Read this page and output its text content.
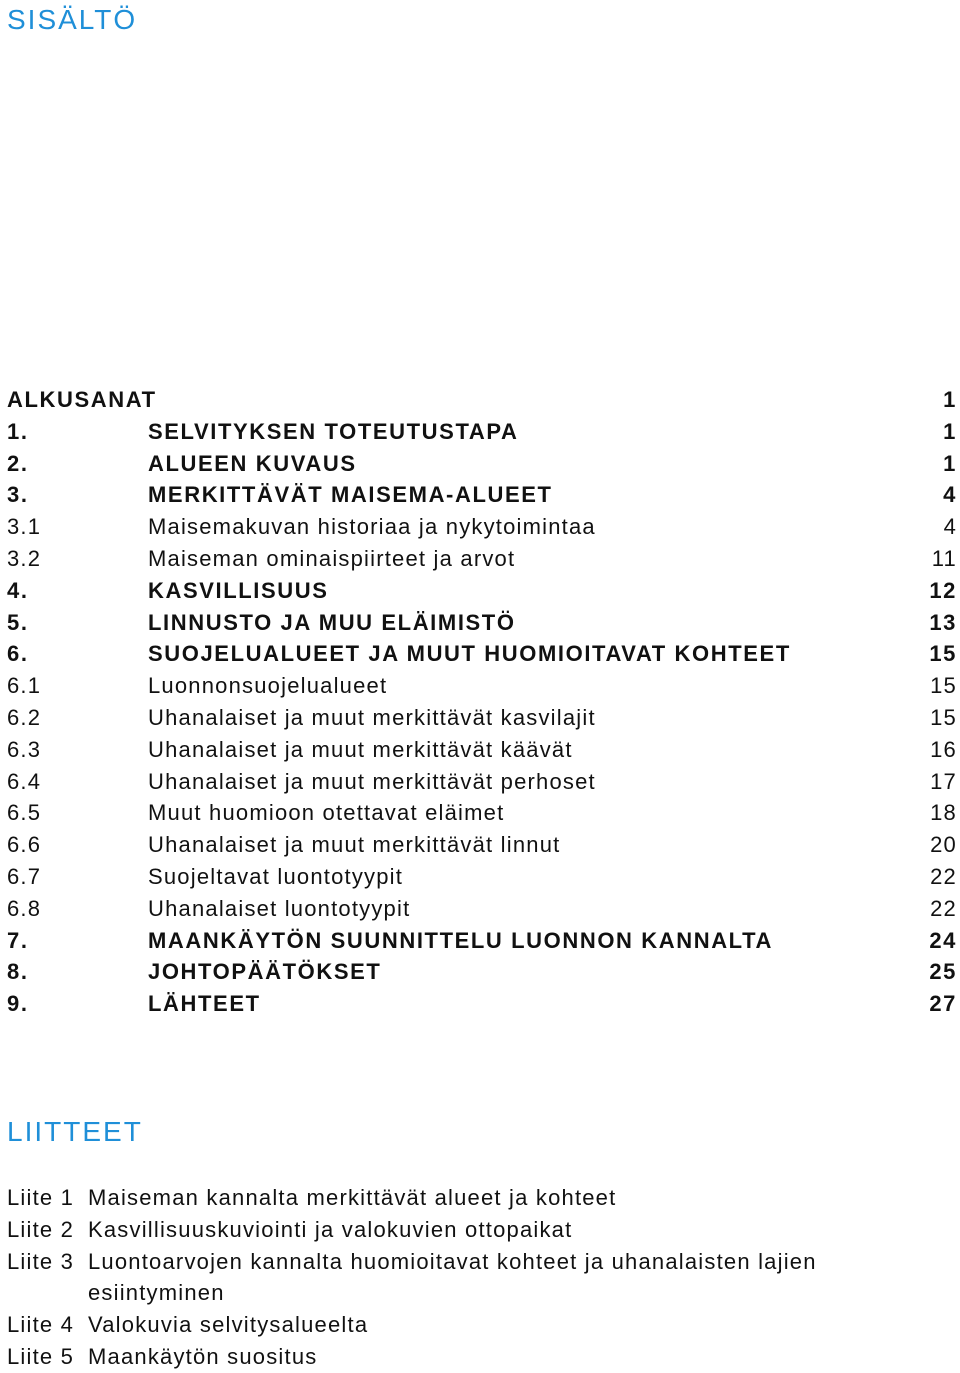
SISÄLTÖ
ALKUSANAT	1
1.	SELVITYKSEN TOTEUTUSTAPA	1
2.	ALUEEN KUVAUS	1
3.	MERKITTÄVÄT MAISEMA-ALUEET	4
3.1	Maisemakuvan historiaa ja nykytoimintaa	4
3.2	Maiseman ominaispiirteet ja arvot	11
4.	KASVILLISUUS	12
5.	LINNUSTO JA MUU ELÄIMISTÖ	13
6.	SUOJELUALUEET JA MUUT HUOMIOITAVAT KOHTEET	15
6.1	Luonnonsuojelualueet	15
6.2	Uhanalaiset ja muut merkittävät kasvilajit	15
6.3	Uhanalaiset ja muut merkittävät käävät	16
6.4	Uhanalaiset ja muut merkittävät perhoset	17
6.5	Muut huomioon otettavat eläimet	18
6.6	Uhanalaiset ja muut merkittävät linnut	20
6.7	Suojeltavat luontotyypit	22
6.8	Uhanalaiset luontotyypit	22
7.	MAANKÄYTÖN SUUNNITTELU LUONNON KANNALTA	24
8.	JOHTOPÄÄTÖKSET	25
9.	LÄHTEET	27
LIITTEET
Liite 1 Maiseman kannalta merkittävät alueet ja kohteet
Liite 2 Kasvillisuuskuviointi ja valokuvien ottopaikat
Liite 3 Luontoarvojen kannalta huomioitavat kohteet ja uhanalaisten lajien esiintyminen
Liite 4 Valokuvia selvitysalueelta
Liite 5 Maankäytön suositus
